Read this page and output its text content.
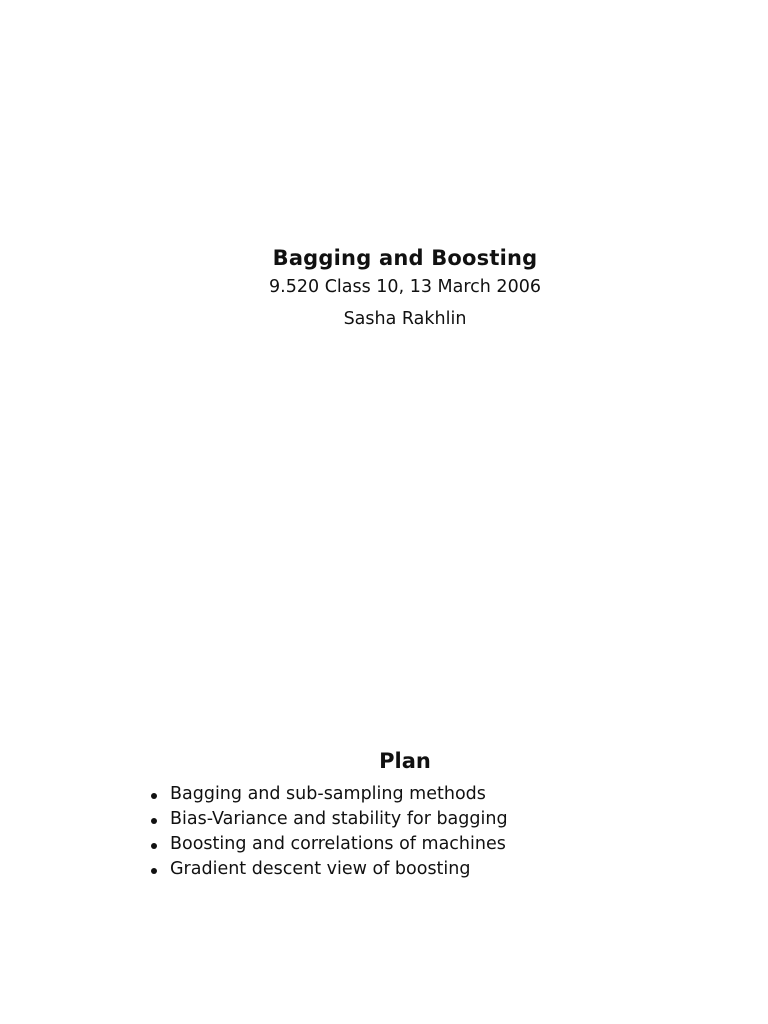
Bagging and Boosting
9.520 Class 10, 13 March 2006
Sasha Rakhlin
Plan
Bagging and sub-sampling methods
Bias-Variance and stability for bagging
Boosting and correlations of machines
Gradient descent view of boosting
